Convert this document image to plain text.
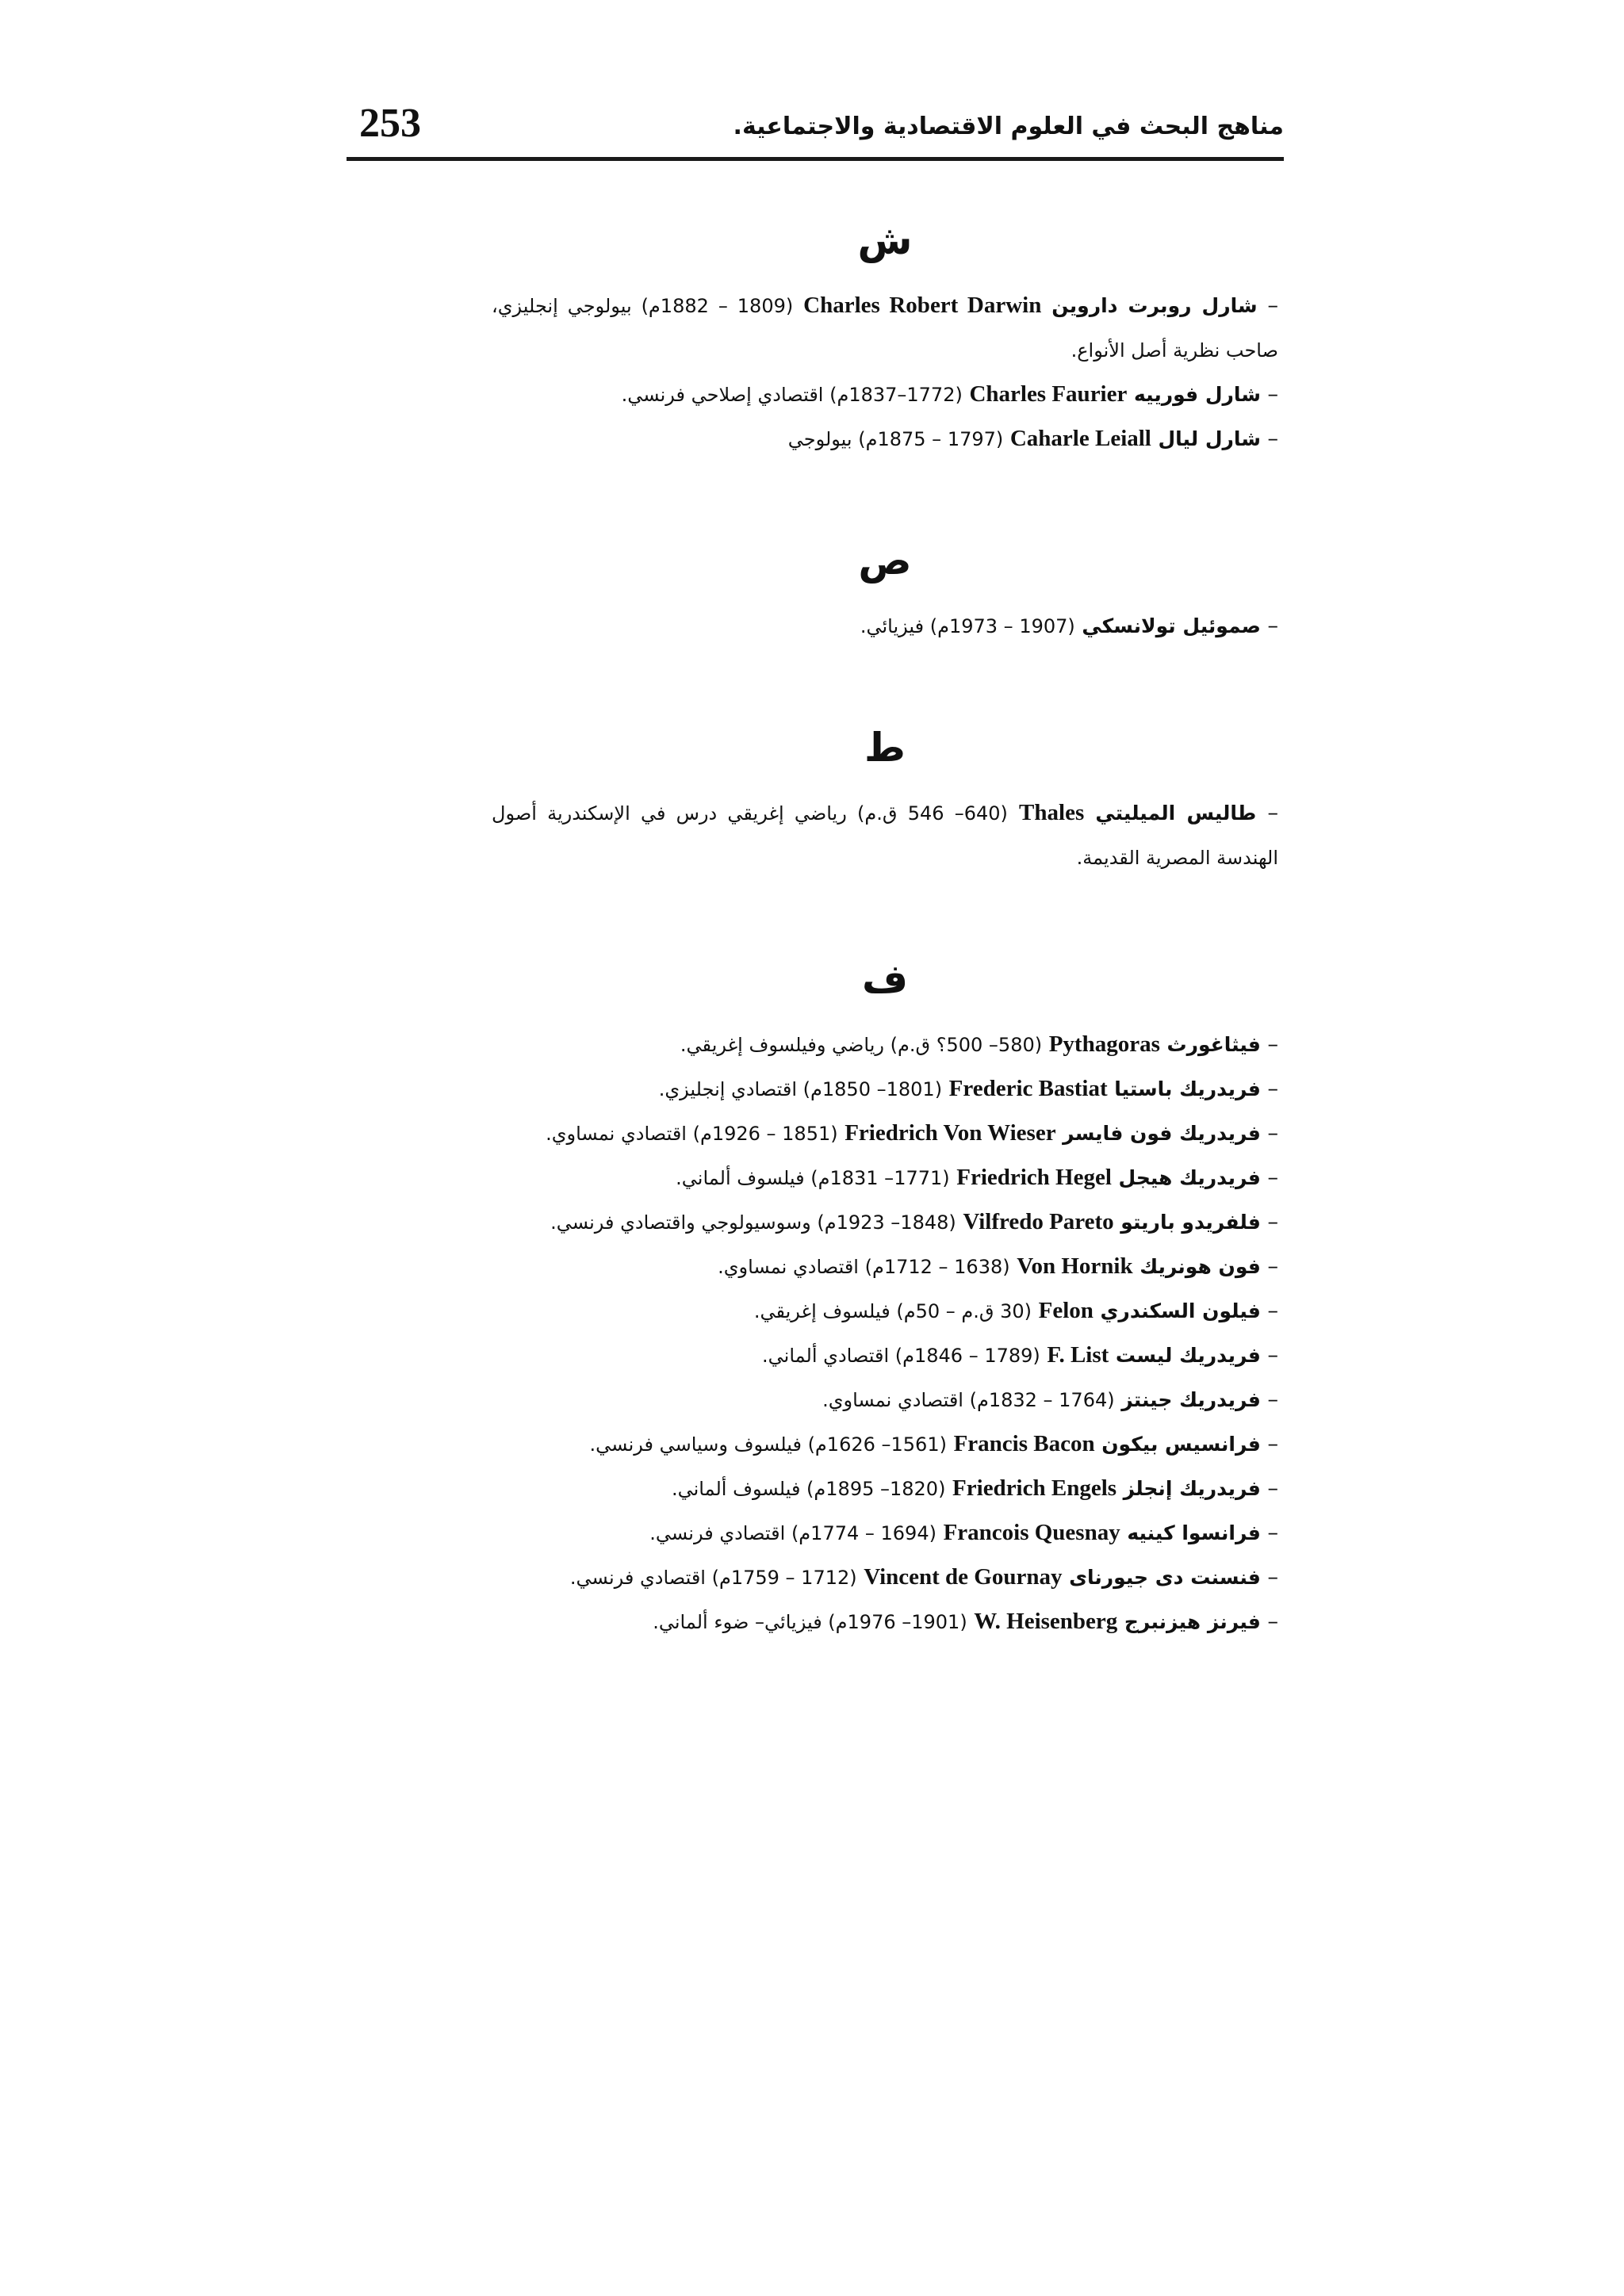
253	مناهج البحث في العلوم الاقتصادية والاجتماعية.
ش

– شارل روبرت داروين Charles Robert Darwin (1809 – 1882م) بيولوجي إنجليزي، صاحب نظرية أصل الأنواع.

– شارل فورييه Charles Faurier (1772–1837م) اقتصادي إصلاحي فرنسي.

– شارل ليال Caharle Leiall (1797 – 1875م) بيولوجي

ص

– صموئيل تولانسكي (1907 – 1973م) فيزيائي.

ط

– طاليس الميليتي Thales (640– 546 ق.م) رياضي إغريقي درس في الإسكندرية أصول الهندسة المصرية القديمة.

ف

– فيثاغورث Pythagoras (580– 500؟ ق.م) رياضي وفيلسوف إغريقي.

– فريدريك باستيا Frederic Bastiat (1801– 1850م) اقتصادي إنجليزي.

– فريدريك فون فايسر Friedrich Von Wieser (1851 – 1926م) اقتصادي نمساوي.

– فريدريك هيجل Friedrich Hegel (1771– 1831م) فيلسوف ألماني.

– فلفريدو باريتو Vilfredo Pareto (1848– 1923م) وسوسيولوجي واقتصادي فرنسي.

– فون هونريك Von Hornik (1638 – 1712م) اقتصادي نمساوي.

– فيلون السكندري Felon (30 ق.م – 50م) فيلسوف إغريقي.

– فريدريك ليست F. List (1789 – 1846م) اقتصادي ألماني.

– فريدريك جينتز (1764 – 1832م) اقتصادي نمساوي.

– فرانسيس بيكون Francis Bacon (1561– 1626م) فيلسوف وسياسي فرنسي.

– فريدريك إنجلز Friedrich Engels (1820– 1895م) فيلسوف ألماني.

– فرانسوا كينيه Francois Quesnay (1694 – 1774م) اقتصادي فرنسي.

– فنسنت دى جيورناى Vincent de Gournay (1712 – 1759م) اقتصادي فرنسي.

– فيرنز هيزنبرج W. Heisenberg (1901– 1976م) فيزيائي– ضوء ألماني.
